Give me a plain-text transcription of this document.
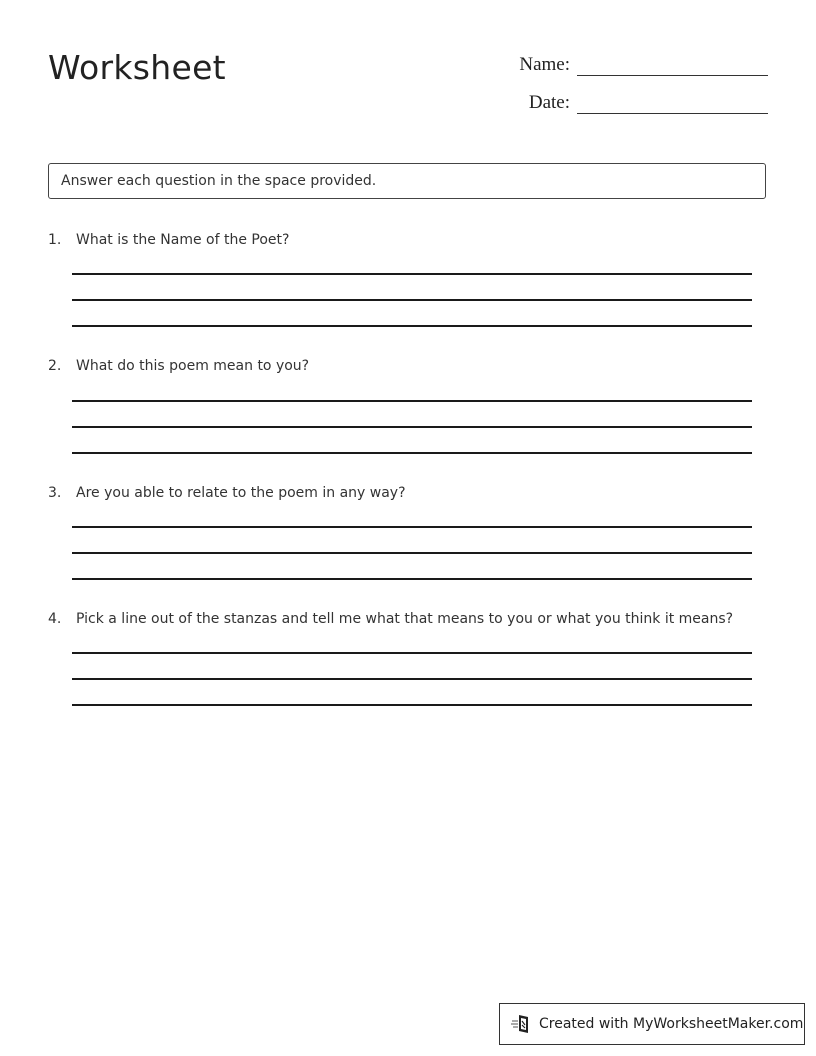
Worksheet	Name:
Date:
Answer each question in the space provided.
1. What is the Name of the Poet?
2. What do this poem mean to you?
3. Are you able to relate to the poem in any way?
4. Pick a line out of the stanzas and tell me what that means to you or what you think it means?
Created with MyWorksheetMaker.com
